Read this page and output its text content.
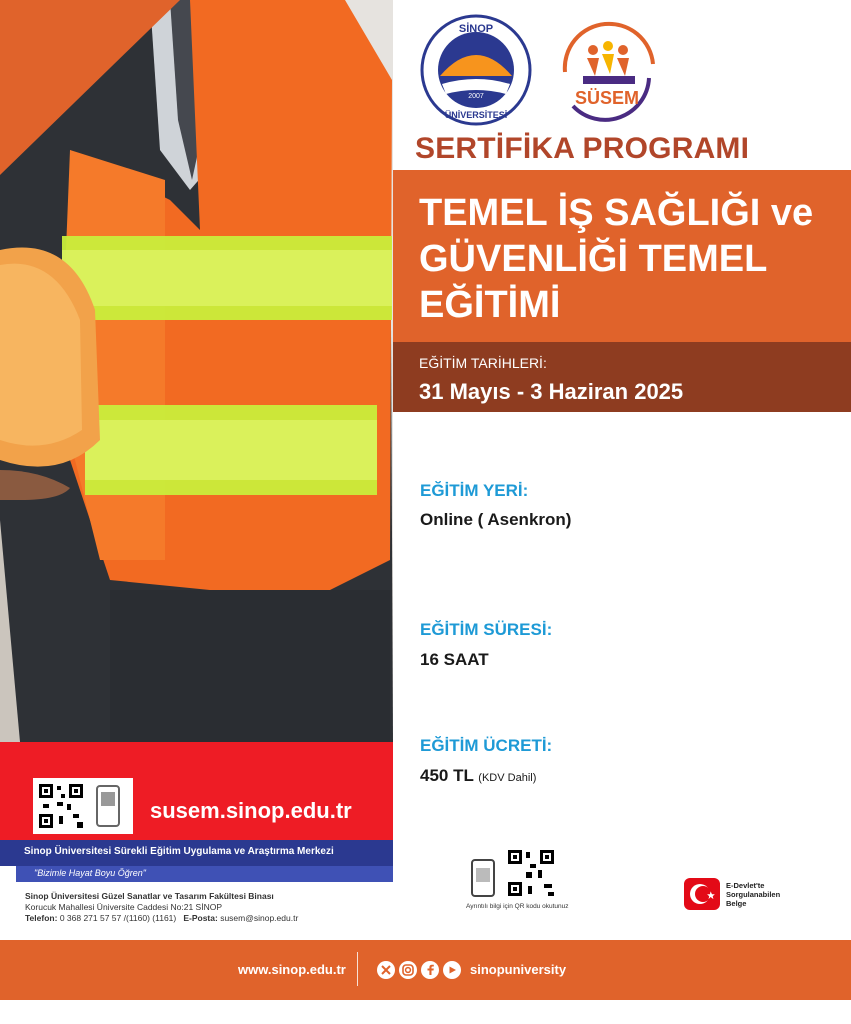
SİNOP
2007
ÜNİVERSİTESİ
SÜSEM
SERTİFİKA PROGRAMI
TEMEL İŞ SAĞLIĞI ve
GÜVENLİĞİ TEMEL
EĞİTİMİ
EĞİTİM TARİHLERİ:
31 Mayıs - 3 Haziran 2025
EĞİTİM YERİ:
Online ( Asenkron)
EĞİTİM SÜRESİ:
16 SAAT
EĞİTİM ÜCRETİ:
450 TL (KDV Dahil)
susem.sinop.edu.tr
Sinop Üniversitesi Sürekli Eğitim Uygulama ve Araştırma Merkezi
"Bizimle Hayat Boyu Öğren"
Sinop Üniversitesi Güzel Sanatlar ve Tasarım Fakültesi Binası
Korucuk Mahallesi Üniversite Caddesi No:21 SİNOP
Telefon: 0 368 271 57 57 /(1160) (1161) E-Posta: susem@sinop.edu.tr
Ayrıntılı bilgi için QR kodu okutunuz
E-Devlet'te
Sorgulanabilen
Belge
www.sinop.edu.tr	sinopuniversity
